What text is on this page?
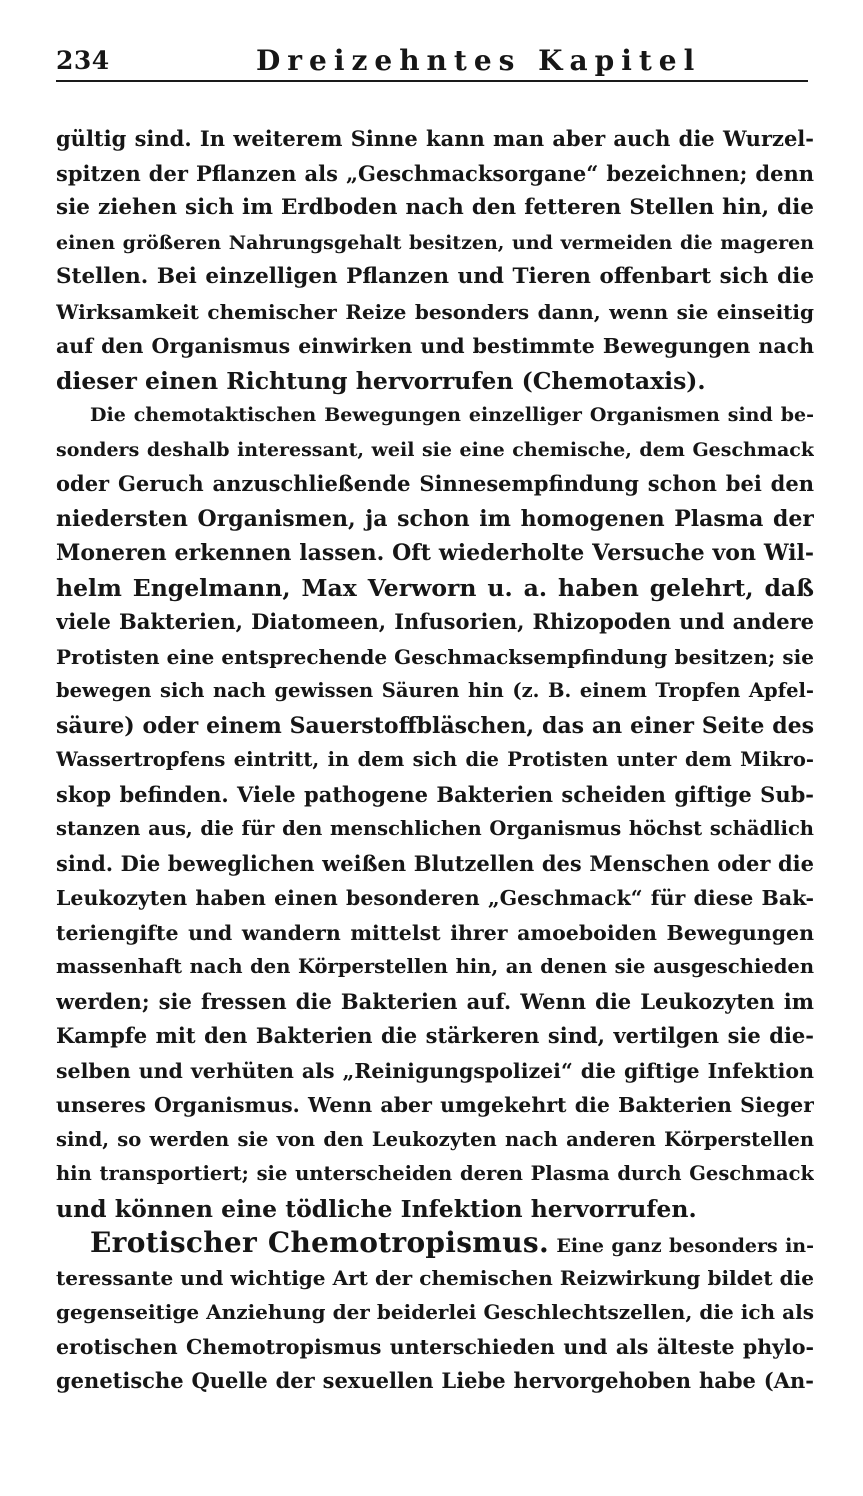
234	Dreizehntes Kapitel
gültig sind. In weiterem Sinne kann man aber auch die Wurzel-
spitzen der Pflanzen als „Geschmacksorgane“ bezeichnen; denn
sie ziehen sich im Erdboden nach den fetteren Stellen hin, die
einen größeren Nahrungsgehalt besitzen, und vermeiden die mageren
Stellen. Bei einzelligen Pflanzen und Tieren offenbart sich die
Wirksamkeit chemischer Reize besonders dann, wenn sie einseitig
auf den Organismus einwirken und bestimmte Bewegungen nach
dieser einen Richtung hervorrufen (Chemotaxis).
Die chemotaktischen Bewegungen einzelliger Organismen sind be-
sonders deshalb interessant, weil sie eine chemische, dem Geschmack
oder Geruch anzuschließende Sinnesempfindung schon bei den
niedersten Organismen, ja schon im homogenen Plasma der
Moneren erkennen lassen. Oft wiederholte Versuche von Wil-
helm Engelmann, Max Verworn u. a. haben gelehrt, daß
viele Bakterien, Diatomeen, Infusorien, Rhizopoden und andere
Protisten eine entsprechende Geschmacksempfindung besitzen; sie
bewegen sich nach gewissen Säuren hin (z. B. einem Tropfen Apfel-
säure) oder einem Sauerstoffbläschen, das an einer Seite des
Wassertropfens eintritt, in dem sich die Protisten unter dem Mikro-
skop befinden. Viele pathogene Bakterien scheiden giftige Sub-
stanzen aus, die für den menschlichen Organismus höchst schädlich
sind. Die beweglichen weißen Blutzellen des Menschen oder die
Leukozyten haben einen besonderen „Geschmack“ für diese Bak-
teriengifte und wandern mittelst ihrer amoeboiden Bewegungen
massenhaft nach den Körperstellen hin, an denen sie ausgeschieden
werden; sie fressen die Bakterien auf. Wenn die Leukozyten im
Kampfe mit den Bakterien die stärkeren sind, vertilgen sie die-
selben und verhüten als „Reinigungspolizei“ die giftige Infektion
unseres Organismus. Wenn aber umgekehrt die Bakterien Sieger
sind, so werden sie von den Leukozyten nach anderen Körperstellen
hin transportiert; sie unterscheiden deren Plasma durch Geschmack
und können eine tödliche Infektion hervorrufen.
Erotischer Chemotropismus. Eine ganz besonders in-
teressante und wichtige Art der chemischen Reizwirkung bildet die
gegenseitige Anziehung der beiderlei Geschlechtszellen, die ich als
erotischen Chemotropismus unterschieden und als älteste phylo-
genetische Quelle der sexuellen Liebe hervorgehoben habe (An-
